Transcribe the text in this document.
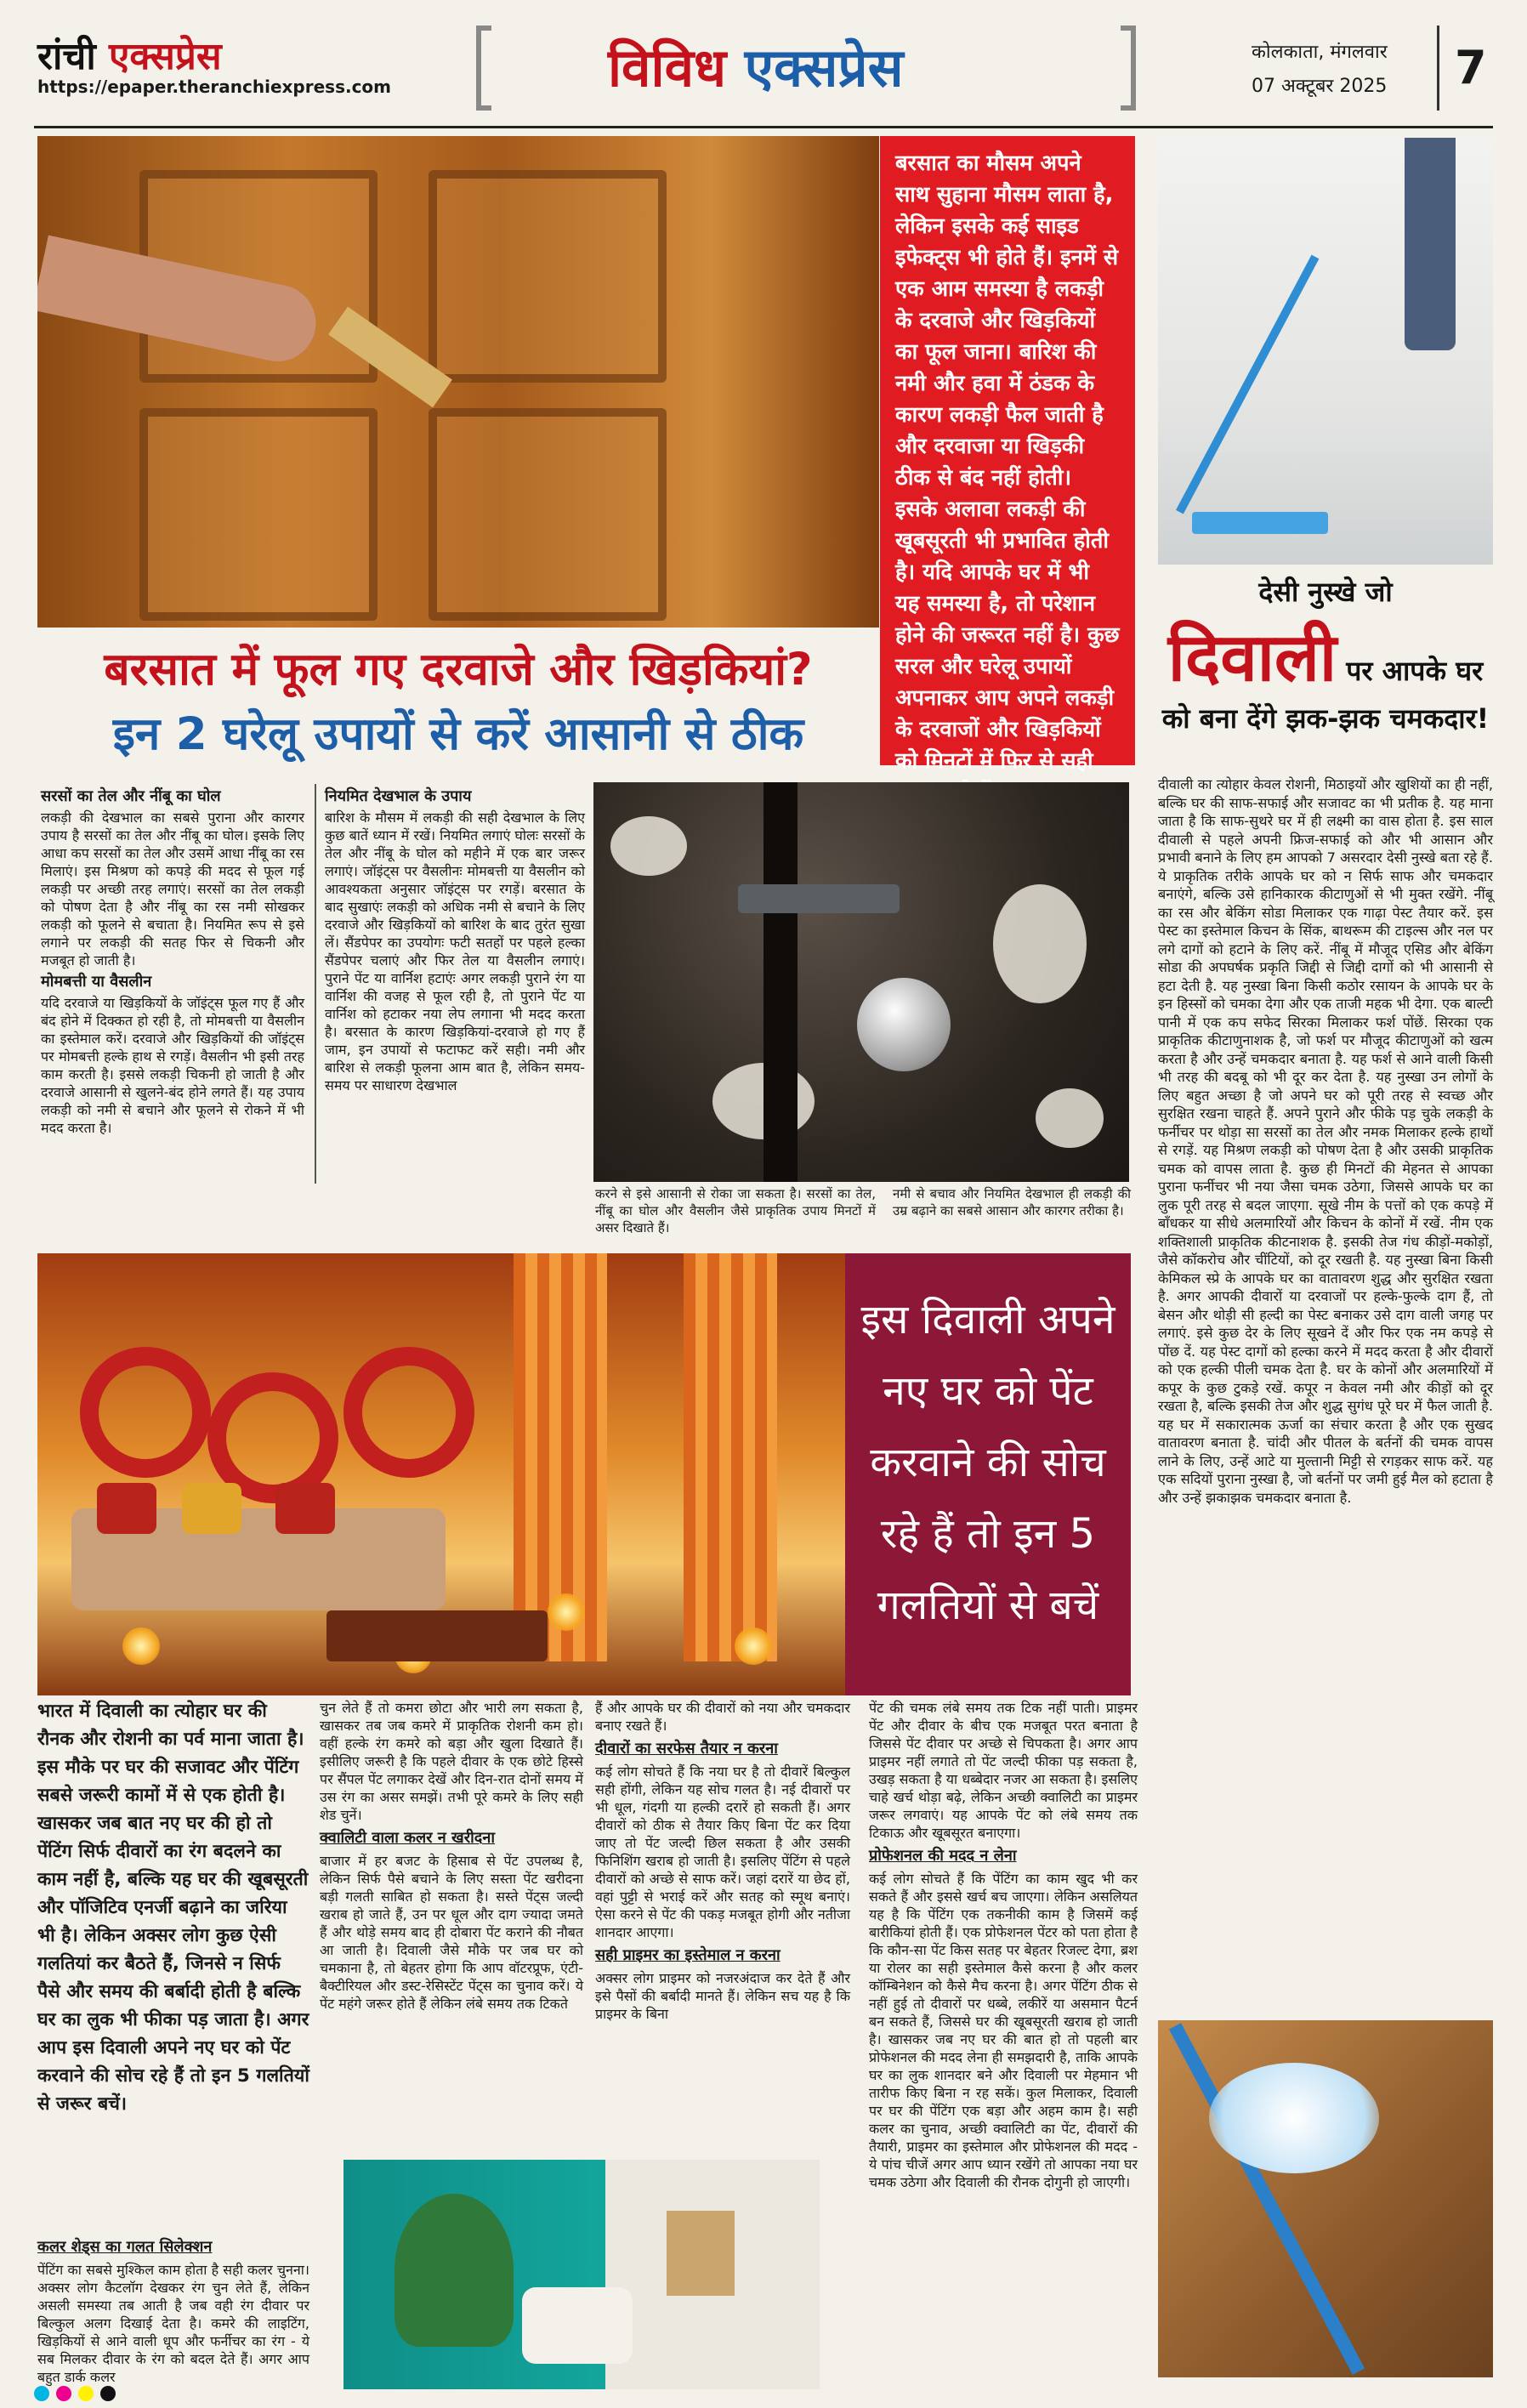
रांची एक्सप्रेस
https://epaper.theranchiexpress.com	विविध एक्सप्रेस	कोलकाता, मंगलवार
07 अक्टूबर 2025	7
बरसात का मौसम अपने साथ सुहाना मौसम लाता है, लेकिन इसके कई साइड इफेक्ट्स भी होते हैं। इनमें से एक आम समस्या है लकड़ी के दरवाजे और खिड़कियों का फूल जाना। बारिश की नमी और हवा में ठंडक के कारण लकड़ी फैल जाती है और दरवाजा या खिड़की ठीक से बंद नहीं होती। इसके अलावा लकड़ी की खूबसूरती भी प्रभावित होती है। यदि आपके घर में भी यह समस्या है, तो परेशान होने की जरूरत नहीं है। कुछ सरल और घरेलू उपायों अपनाकर आप अपने लकड़ी के दरवाजों और खिड़कियों को मिनटों में फिर से सही
बरसात में फूल गए दरवाजे और खिड़कियां?
इन 2 घरेलू उपायों से करें आसानी से ठीक
सरसों का तेल और नींबू का घोल
लकड़ी की देखभाल का सबसे पुराना और कारगर उपाय है सरसों का तेल और नींबू का घोल। इसके लिए आधा कप सरसों का तेल और उसमें आधा नींबू का रस मिलाएं। इस मिश्रण को कपड़े की मदद से फूल गई लकड़ी पर अच्छी तरह लगाएं। सरसों का तेल लकड़ी को पोषण देता है और नींबू का रस नमी सोखकर लकड़ी को फूलने से बचाता है। नियमित रूप से इसे लगाने पर लकड़ी की सतह फिर से चिकनी और मजबूत हो जाती है।
मोमबत्ती या वैसलीन
यदि दरवाजे या खिड़कियों के जॉइंट्स फूल गए हैं और बंद होने में दिक्कत हो रही है, तो मोमबत्ती या वैसलीन का इस्तेमाल करें। दरवाजे और खिड़कियों की जॉइंट्स पर मोमबत्ती हल्के हाथ से रगड़ें। वैसलीन भी इसी तरह काम करती है। इससे लकड़ी चिकनी हो जाती है और दरवाजे आसानी से खुलने-बंद होने लगते हैं। यह उपाय लकड़ी को नमी से बचाने और फूलने से रोकने में भी मदद करता है।
नियमित देखभाल के उपाय
बारिश के मौसम में लकड़ी की सही देखभाल के लिए कुछ बातें ध्यान में रखें। नियमित लगाएं घोलः सरसों के तेल और नींबू के घोल को महीने में एक बार जरूर लगाएं। जॉइंट्स पर वैसलीनः मोमबत्ती या वैसलीन को आवश्यकता अनुसार जॉइंट्स पर रगड़ें। बरसात के बाद सुखाएंः लकड़ी को अधिक नमी से बचाने के लिए दरवाजे और खिड़कियों को बारिश के बाद तुरंत सुखा लें। सैंडपेपर का उपयोगः फटी सतहों पर पहले हल्का सैंडपेपर चलाएं और फिर तेल या वैसलीन लगाएं। पुराने पेंट या वार्निश हटाएंः अगर लकड़ी पुराने रंग या वार्निश की वजह से फूल रही है, तो पुराने पेंट या वार्निश को हटाकर नया लेप लगाना भी मदद करता है। बरसात के कारण खिड़कियां-दरवाजे हो गए हैं जाम, इन उपायों से फटाफट करें सही। नमी और बारिश से लकड़ी फूलना आम बात है, लेकिन समय-समय पर साधारण देखभाल
करने से इसे आसानी से रोका जा सकता है। सरसों का तेल, नींबू का घोल और वैसलीन जैसे प्राकृतिक उपाय मिनटों में असर दिखाते हैं।
नमी से बचाव और नियमित देखभाल ही लकड़ी की उम्र बढ़ाने का सबसे आसान और कारगर तरीका है।
देसी नुस्खे जो
दिवाली पर आपके घर को बना देंगे झक-झक चमकदार!
दीवाली का त्योहार केवल रोशनी, मिठाइयों और खुशियों का ही नहीं, बल्कि घर की साफ-सफाई और सजावट का भी प्रतीक है. यह माना जाता है कि साफ-सुथरे घर में ही लक्ष्मी का वास होता है. इस साल दीवाली से पहले अपनी फ्रिज-सफाई को और भी आसान और प्रभावी बनाने के लिए हम आपको 7 असरदार देसी नुस्खे बता रहे हैं. ये प्राकृतिक तरीके आपके घर को न सिर्फ साफ और चमकदार बनाएंगे, बल्कि उसे हानिकारक कीटाणुओं से भी मुक्त रखेंगे. नींबू का रस और बेकिंग सोडा मिलाकर एक गाढ़ा पेस्ट तैयार करें. इस पेस्ट का इस्तेमाल किचन के सिंक, बाथरूम की टाइल्स और नल पर लगे दागों को हटाने के लिए करें. नींबू में मौजूद एसिड और बेकिंग सोडा की अपघर्षक प्रकृति जिद्दी से जिद्दी दागों को भी आसानी से हटा देती है. यह नुस्खा बिना किसी कठोर रसायन के आपके घर के इन हिस्सों को चमका देगा और एक ताजी महक भी देगा. एक बाल्टी पानी में एक कप सफेद सिरका मिलाकर फर्श पोंछें. सिरका एक प्राकृतिक कीटाणुनाशक है, जो फर्श पर मौजूद कीटाणुओं को खत्म करता है और उन्हें चमकदार बनाता है. यह फर्श से आने वाली किसी भी तरह की बदबू को भी दूर कर देता है. यह नुस्खा उन लोगों के लिए बहुत अच्छा है जो अपने घर को पूरी तरह से स्वच्छ और सुरक्षित रखना चाहते हैं. अपने पुराने और फीके पड़ चुके लकड़ी के फर्नीचर पर थोड़ा सा सरसों का तेल और नमक मिलाकर हल्के हाथों से रगड़ें. यह मिश्रण लकड़ी को पोषण देता है और उसकी प्राकृतिक चमक को वापस लाता है. कुछ ही मिनटों की मेहनत से आपका पुराना फर्नीचर भी नया जैसा चमक उठेगा, जिससे आपके घर का लुक पूरी तरह से बदल जाएगा. सूखे नीम के पत्तों को एक कपड़े में बाँधकर या सीधे अलमारियों और किचन के कोनों में रखें. नीम एक शक्तिशाली प्राकृतिक कीटनाशक है. इसकी तेज गंध कीड़ों-मकोड़ों, जैसे कॉकरोच और चींटियों, को दूर रखती है. यह नुस्खा बिना किसी केमिकल स्प्रे के आपके घर का वातावरण शुद्ध और सुरक्षित रखता है. अगर आपकी दीवारों या दरवाजों पर हल्के-फुल्के दाग हैं, तो बेसन और थोड़ी सी हल्दी का पेस्ट बनाकर उसे दाग वाली जगह पर लगाएं. इसे कुछ देर के लिए सूखने दें और फिर एक नम कपड़े से पोंछ दें. यह पेस्ट दागों को हल्का करने में मदद करता है और दीवारों को एक हल्की पीली चमक देता है. घर के कोनों और अलमारियों में कपूर के कुछ टुकड़े रखें. कपूर न केवल नमी और कीड़ों को दूर रखता है, बल्कि इसकी तेज और शुद्ध सुगंध पूरे घर में फैल जाती है. यह घर में सकारात्मक ऊर्जा का संचार करता है और एक सुखद वातावरण बनाता है. चांदी और पीतल के बर्तनों की चमक वापस लाने के लिए, उन्हें आटे या मुल्तानी मिट्टी से रगड़कर साफ करें. यह एक सदियों पुराना नुस्खा है, जो बर्तनों पर जमी हुई मैल को हटाता है और उन्हें झकाझक चमकदार बनाता है.
इस दिवाली अपने
नए घर को पेंट
करवाने की सोच
रहे हैं तो इन 5
गलतियों से बचें
भारत में दिवाली का त्योहार घर की रौनक और रोशनी का पर्व माना जाता है। इस मौके पर घर की सजावट और पेंटिंग सबसे जरूरी कामों में से एक होती है। खासकर जब बात नए घर की हो तो पेंटिंग सिर्फ दीवारों का रंग बदलने का काम नहीं है, बल्कि यह घर की खूबसूरती और पॉजिटिव एनर्जी बढ़ाने का जरिया भी है। लेकिन अक्सर लोग कुछ ऐसी गलतियां कर बैठते हैं, जिनसे न सिर्फ पैसे और समय की बर्बादी होती है बल्कि घर का लुक भी फीका पड़ जाता है। अगर आप इस दिवाली अपने नए घर को पेंट करवाने की सोच रहे हैं तो इन 5 गलतियों से जरूर बचें।
कलर शेड्स का गलत सिलेक्शन
पेंटिंग का सबसे मुश्किल काम होता है सही कलर चुनना। अक्सर लोग कैटलॉग देखकर रंग चुन लेते हैं, लेकिन असली समस्या तब आती है जब वही रंग दीवार पर बिल्कुल अलग दिखाई देता है। कमरे की लाइटिंग, खिड़कियों से आने वाली धूप और फर्नीचर का रंग - ये सब मिलकर दीवार के रंग को बदल देते हैं। अगर आप बहुत डार्क कलर
चुन लेते हैं तो कमरा छोटा और भारी लग सकता है, खासकर तब जब कमरे में प्राकृतिक रोशनी कम हो। वहीं हल्के रंग कमरे को बड़ा और खुला दिखाते हैं। इसीलिए जरूरी है कि पहले दीवार के एक छोटे हिस्से पर सैंपल पेंट लगाकर देखें और दिन-रात दोनों समय में उस रंग का असर समझें। तभी पूरे कमरे के लिए सही शेड चुनें।
क्वालिटी वाला कलर न खरीदना
बाजार में हर बजट के हिसाब से पेंट उपलब्ध है, लेकिन सिर्फ पैसे बचाने के लिए सस्ता पेंट खरीदना बड़ी गलती साबित हो सकता है। सस्ते पेंट्स जल्दी खराब हो जाते हैं, उन पर धूल और दाग ज्यादा जमते हैं और थोड़े समय बाद ही दोबारा पेंट कराने की नौबत आ जाती है। दिवाली जैसे मौके पर जब घर को चमकाना है, तो बेहतर होगा कि आप वॉटरप्रूफ, एंटी-बैक्टीरियल और डस्ट-रेसिस्टेंट पेंट्स का चुनाव करें। ये पेंट महंगे जरूर होते हैं लेकिन लंबे समय तक टिकते
हैं और आपके घर की दीवारों को नया और चमकदार बनाए रखते हैं।
दीवारों का सरफेस तैयार न करना
कई लोग सोचते हैं कि नया घर है तो दीवारें बिल्कुल सही होंगी, लेकिन यह सोच गलत है। नई दीवारों पर भी धूल, गंदगी या हल्की दरारें हो सकती हैं। अगर दीवारों को ठीक से तैयार किए बिना पेंट कर दिया जाए तो पेंट जल्दी छिल सकता है और उसकी फिनिशिंग खराब हो जाती है। इसलिए पेंटिंग से पहले दीवारों को अच्छे से साफ करें। जहां दरारें या छेद हों, वहां पुट्टी से भराई करें और सतह को स्मूथ बनाएं। ऐसा करने से पेंट की पकड़ मजबूत होगी और नतीजा शानदार आएगा।
सही प्राइमर का इस्तेमाल न करना
अक्सर लोग प्राइमर को नजरअंदाज कर देते हैं और इसे पैसों की बर्बादी मानते हैं। लेकिन सच यह है कि प्राइमर के बिना
पेंट की चमक लंबे समय तक टिक नहीं पाती। प्राइमर पेंट और दीवार के बीच एक मजबूत परत बनाता है जिससे पेंट दीवार पर अच्छे से चिपकता है। अगर आप प्राइमर नहीं लगाते तो पेंट जल्दी फीका पड़ सकता है, उखड़ सकता है या धब्बेदार नजर आ सकता है। इसलिए चाहे खर्च थोड़ा बढ़े, लेकिन अच्छी क्वालिटी का प्राइमर जरूर लगवाएं। यह आपके पेंट को लंबे समय तक टिकाऊ और खूबसूरत बनाएगा।
प्रोफेशनल की मदद न लेना
कई लोग सोचते हैं कि पेंटिंग का काम खुद भी कर सकते हैं और इससे खर्च बच जाएगा। लेकिन असलियत यह है कि पेंटिंग एक तकनीकी काम है जिसमें कई बारीकियां होती हैं। एक प्रोफेशनल पेंटर को पता होता है कि कौन-सा पेंट किस सतह पर बेहतर रिजल्ट देगा, ब्रश या रोलर का सही इस्तेमाल कैसे करना है और कलर कॉम्बिनेशन को कैसे मैच करना है। अगर पेंटिंग ठीक से नहीं हुई तो दीवारों पर धब्बे, लकीरें या असमान पैटर्न बन सकते हैं, जिससे घर की खूबसूरती खराब हो जाती है। खासकर जब नए घर की बात हो तो पहली बार प्रोफेशनल की मदद लेना ही समझदारी है, ताकि आपके घर का लुक शानदार बने और दिवाली पर मेहमान भी तारीफ किए बिना न रह सकें। कुल मिलाकर, दिवाली पर घर की पेंटिंग एक बड़ा और अहम काम है। सही कलर का चुनाव, अच्छी क्वालिटी का पेंट, दीवारों की तैयारी, प्राइमर का इस्तेमाल और प्रोफेशनल की मदद - ये पांच चीजें अगर आप ध्यान रखेंगे तो आपका नया घर चमक उठेगा और दिवाली की रौनक दोगुनी हो जाएगी।
